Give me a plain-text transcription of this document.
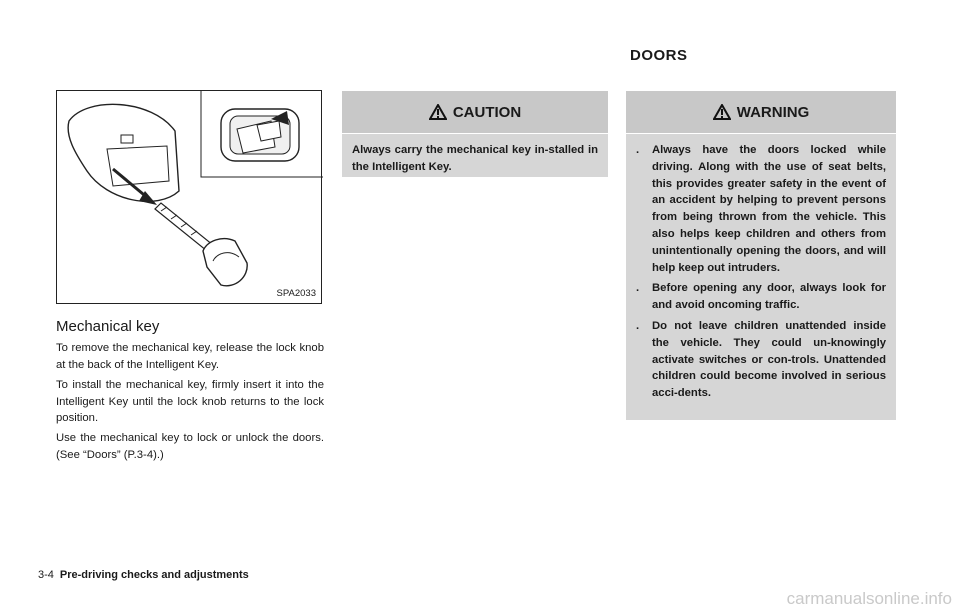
DOORS
SPA2033
Mechanical key
To remove the mechanical key, release the lock knob at the back of the Intelligent Key.
To install the mechanical key, firmly insert it into the Intelligent Key until the lock knob returns to the lock position.
Use the mechanical key to lock or unlock the doors. (See “Doors” (P.3-4).)
CAUTION
Always carry the mechanical key in-stalled in the Intelligent Key.
WARNING
.	Always have the doors locked while driving. Along with the use of seat belts, this provides greater safety in the event of an accident by helping to prevent persons from being thrown from the vehicle. This also helps keep children and others from unintentionally opening the doors, and will help keep out intruders.
.	Before opening any door, always look for and avoid oncoming traffic.
.	Do not leave children unattended inside the vehicle. They could un-knowingly activate switches or con-trols. Unattended children could become involved in serious acci-dents.
3-4 Pre-driving checks and adjustments
carmanualsonline.info
